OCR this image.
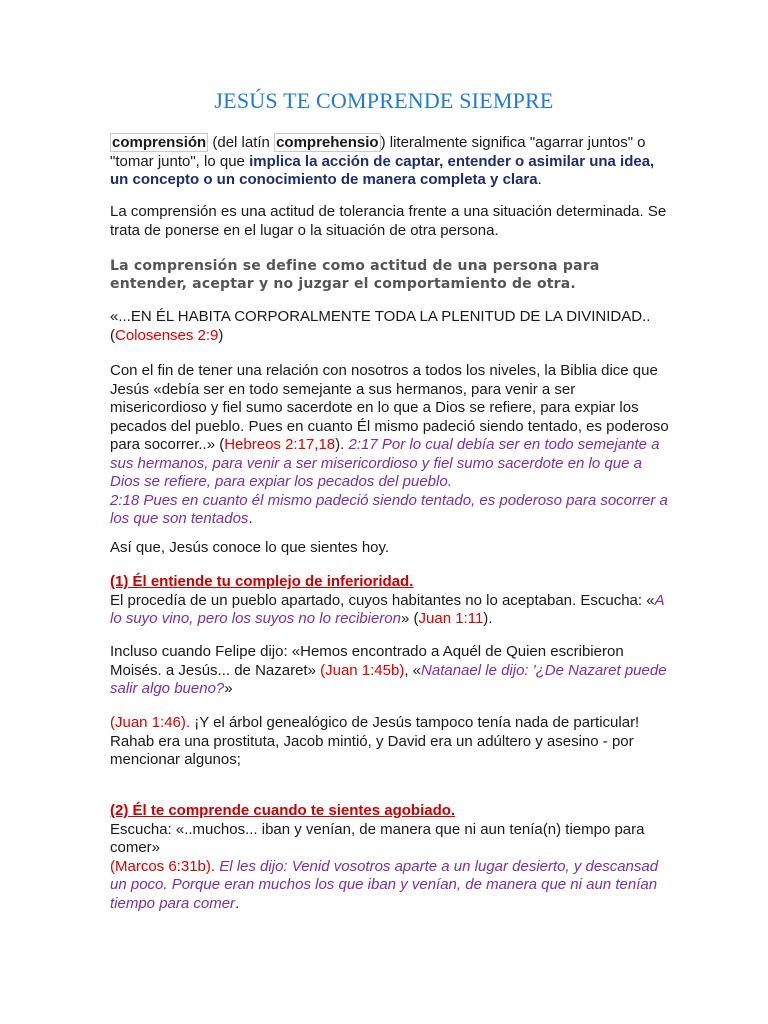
JESÚS TE COMPRENDE SIEMPRE

comprensión (del latín comprehensio ) literalmente significa "agarrar juntos" o "tomar junto", lo que implica la acción de captar, entender o asimilar una idea, un concepto o un conocimiento de manera completa y clara.

La comprensión es una actitud de tolerancia frente a una situación determinada. Se trata de ponerse en el lugar o la situación de otra persona.

La comprensión se define como actitud de una persona para entender, aceptar y no juzgar el comportamiento de otra.

«...EN ÉL HABITA CORPORALMENTE TODA LA PLENITUD DE LA DIVINIDAD.. (Colosenses 2:9)

Con el fin de tener una relación con nosotros a todos los niveles, la Biblia dice que Jesús «debía ser en todo semejante a sus hermanos, para venir a ser misericordioso y fiel sumo sacerdote en lo que a Dios se refiere, para expiar los pecados del pueblo. Pues en cuanto Él mismo padeció siendo tentado, es poderoso para socorrer..» (Hebreos 2:17,18). 2:17 Por lo cual debía ser en todo semejante a sus hermanos, para venir a ser misericordioso y fiel sumo sacerdote en lo que a Dios se refiere, para expiar los pecados del pueblo.
2:18 Pues en cuanto él mismo padeció siendo tentado, es poderoso para socorrer a los que son tentados.

Así que, Jesús conoce lo que sientes hoy.

(1) Él entiende tu complejo de inferioridad.
El procedía de un pueblo apartado, cuyos habitantes no lo aceptaban. Escucha: «A lo suyo vino, pero los suyos no lo recibieron» (Juan 1:11).

Incluso cuando Felipe dijo: «Hemos encontrado a Aquél de Quien escribieron Moisés. a Jesús... de Nazaret» (Juan 1:45b), «Natanael le dijo: '¿De Nazaret puede salir algo bueno?»

(Juan 1:46). ¡Y el árbol genealógico de Jesús tampoco tenía nada de particular! Rahab era una prostituta, Jacob mintió, y David era un adúltero y asesino - por mencionar algunos;

(2) Él te comprende cuando te sientes agobiado.
Escucha: «..muchos... iban y venían, de manera que ni aun tenía(n) tiempo para comer»
(Marcos 6:31b). El les dijo: Venid vosotros aparte a un lugar desierto, y descansad un poco. Porque eran muchos los que iban y venían, de manera que ni aun tenían tiempo para comer.
